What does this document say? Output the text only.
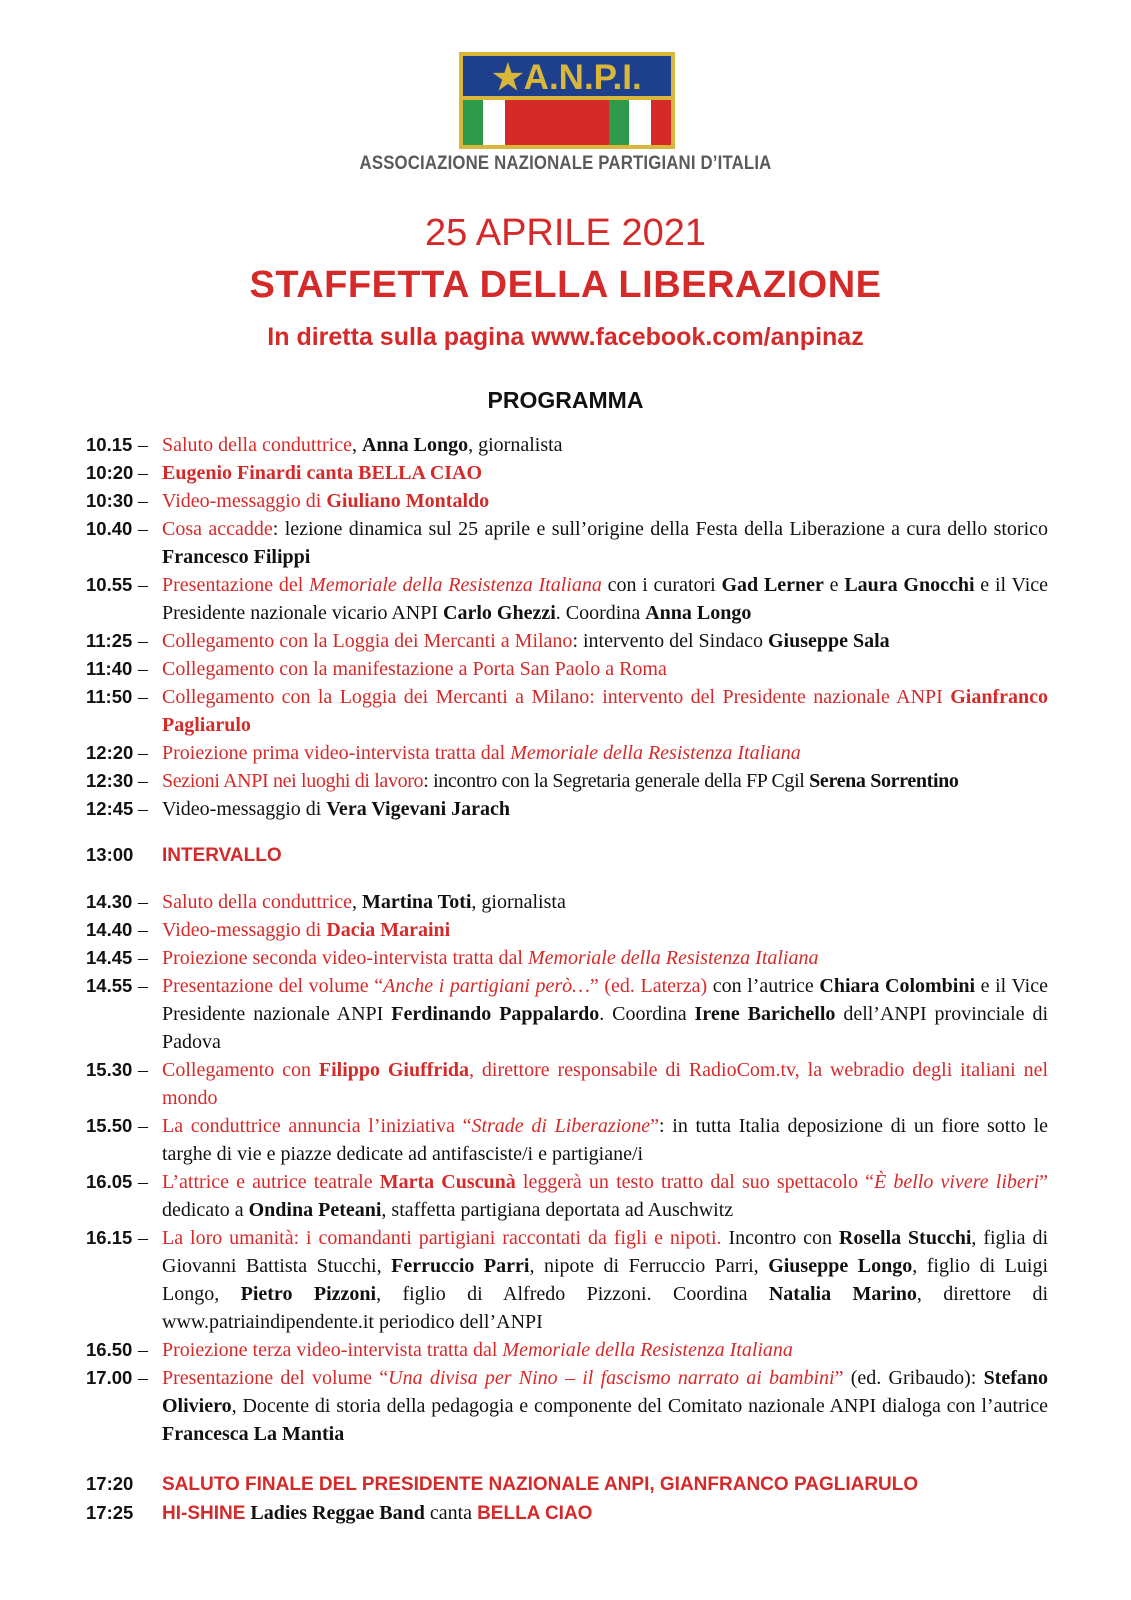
★A.N.P.I.
ASSOCIAZIONE NAZIONALE PARTIGIANI D’ITALIA
25 APRILE 2021
STAFFETTA DELLA LIBERAZIONE
In diretta sulla pagina www.facebook.com/anpinaz
PROGRAMMA
10.15 – Saluto della conduttrice, Anna Longo, giornalista
10:20 – Eugenio Finardi canta BELLA CIAO
10:30 – Video-messaggio di Giuliano Montaldo
10.40 – Cosa accadde: lezione dinamica sul 25 aprile e sull’origine della Festa della Liberazione a cura dello storico Francesco Filippi
10.55 – Presentazione del Memoriale della Resistenza Italiana con i curatori Gad Lerner e Laura Gnocchi e il Vice Presidente nazionale vicario ANPI Carlo Ghezzi. Coordina Anna Longo
11:25 – Collegamento con la Loggia dei Mercanti a Milano: intervento del Sindaco Giuseppe Sala
11:40 – Collegamento con la manifestazione a Porta San Paolo a Roma
11:50 – Collegamento con la Loggia dei Mercanti a Milano: intervento del Presidente nazionale ANPI Gianfranco Pagliarulo
12:20 – Proiezione prima video-intervista tratta dal Memoriale della Resistenza Italiana
12:30 – Sezioni ANPI nei luoghi di lavoro: incontro con la Segretaria generale della FP Cgil Serena Sorrentino
12:45 – Video-messaggio di Vera Vigevani Jarach
13:00 INTERVALLO
14.30 – Saluto della conduttrice, Martina Toti, giornalista
14.40 – Video-messaggio di Dacia Maraini
14.45 – Proiezione seconda video-intervista tratta dal Memoriale della Resistenza Italiana
14.55 – Presentazione del volume “Anche i partigiani però…” (ed. Laterza) con l’autrice Chiara Colombini e il Vice Presidente nazionale ANPI Ferdinando Pappalardo. Coordina Irene Barichello dell’ANPI provinciale di Padova
15.30 – Collegamento con Filippo Giuffrida, direttore responsabile di RadioCom.tv, la webradio degli italiani nel mondo
15.50 – La conduttrice annuncia l’iniziativa “Strade di Liberazione”: in tutta Italia deposizione di un fiore sotto le targhe di vie e piazze dedicate ad antifasciste/i e partigiane/i
16.05 – L’attrice e autrice teatrale Marta Cuscunà leggerà un testo tratto dal suo spettacolo “È bello vivere liberi” dedicato a Ondina Peteani, staffetta partigiana deportata ad Auschwitz
16.15 – La loro umanità: i comandanti partigiani raccontati da figli e nipoti. Incontro con Rosella Stucchi, figlia di Giovanni Battista Stucchi, Ferruccio Parri, nipote di Ferruccio Parri, Giuseppe Longo, figlio di Luigi Longo, Pietro Pizzoni, figlio di Alfredo Pizzoni. Coordina Natalia Marino, direttore di www.patriaindipendente.it periodico dell’ANPI
16.50 – Proiezione terza video-intervista tratta dal Memoriale della Resistenza Italiana
17.00 – Presentazione del volume “Una divisa per Nino – il fascismo narrato ai bambini” (ed. Gribaudo): Stefano Oliviero, Docente di storia della pedagogia e componente del Comitato nazionale ANPI dialoga con l’autrice Francesca La Mantia
17:20 SALUTO FINALE DEL PRESIDENTE NAZIONALE ANPI, GIANFRANCO PAGLIARULO
17:25 HI-SHINE Ladies Reggae Band canta BELLA CIAO
